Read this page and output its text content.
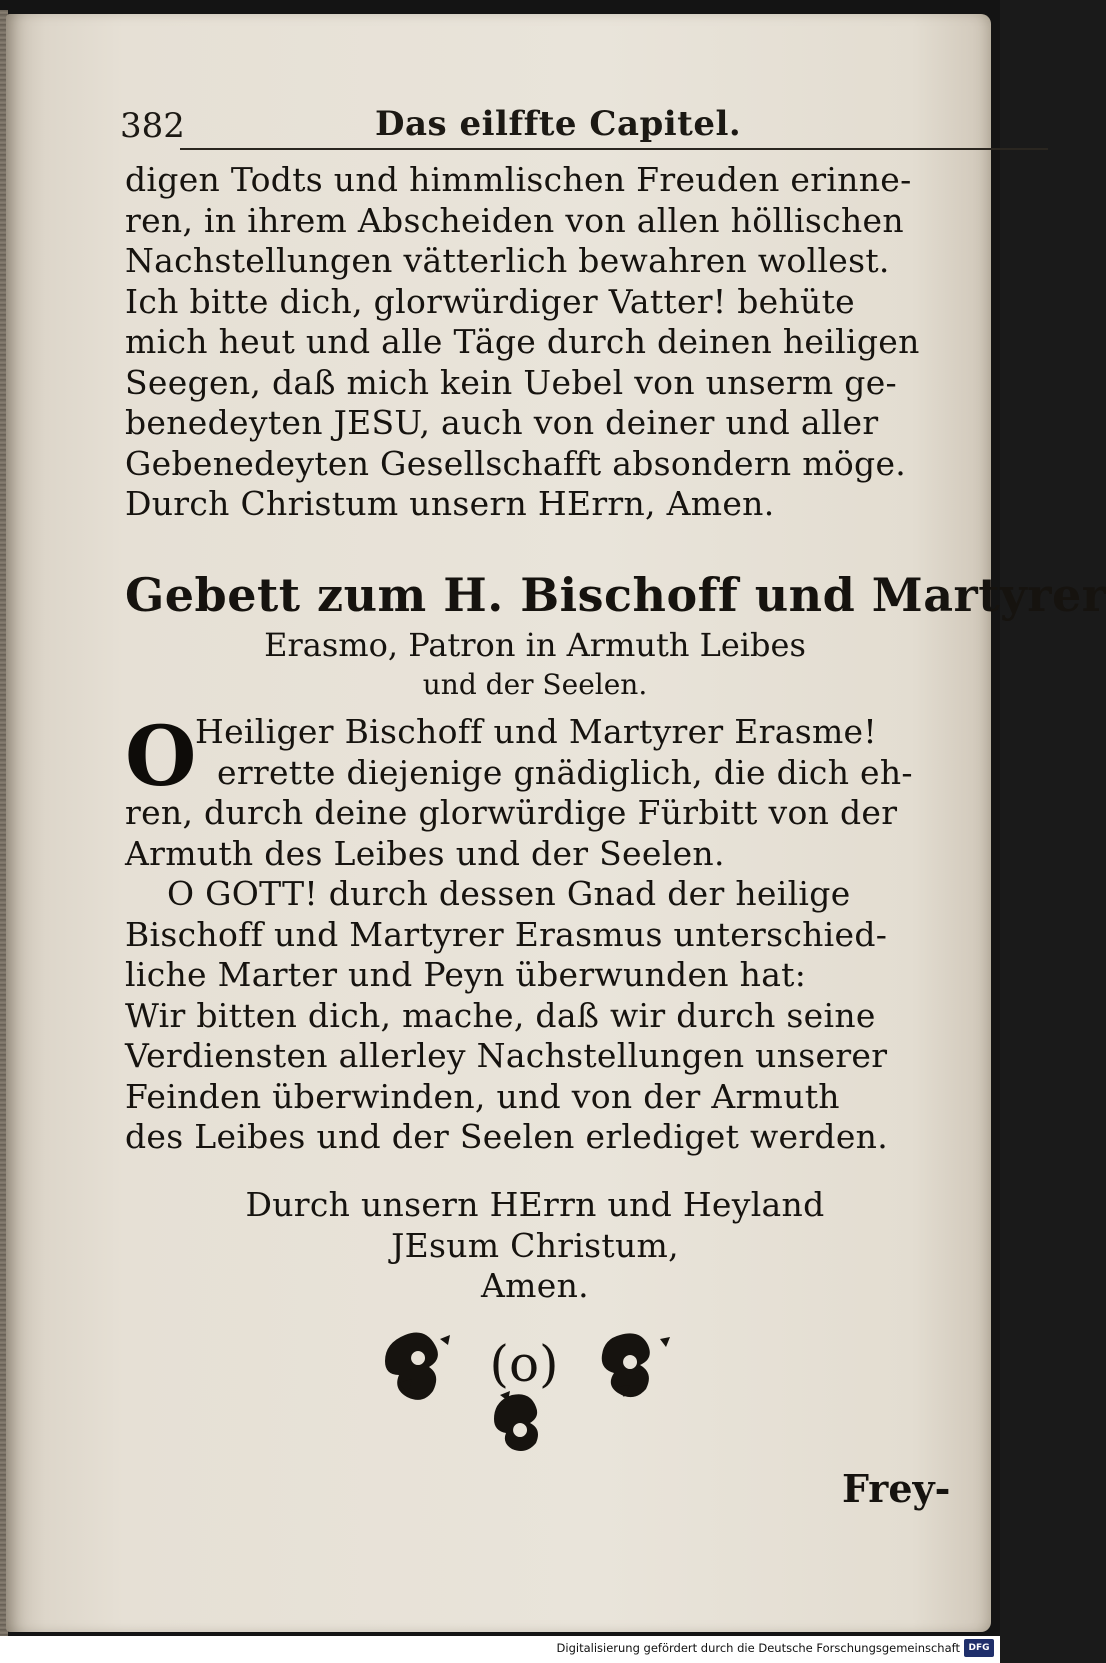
382	Das eilffte Capitel.
digen Todts und himmlischen Freuden erinne-
ren, in ihrem Abscheiden von allen höllischen
Nachstellungen vätterlich bewahren wollest.
Ich bitte dich, glorwürdiger Vatter! behüte
mich heut und alle Täge durch deinen heiligen
Seegen, daß mich kein Uebel von unserm ge-
benedeyten JESU, auch von deiner und aller
Gebenedeyten Gesellschafft absondern möge.
Durch Christum unsern HErrn, Amen.
Gebett zum H. Bischoff und Martyrer
Erasmo, Patron in Armuth Leibes
und der Seelen.
O
Heiliger Bischoff und Martyrer Erasme!
errette diejenige gnädiglich, die dich eh-
ren, durch deine glorwürdige Fürbitt von der
Armuth des Leibes und der Seelen.
O GOTT! durch dessen Gnad der heilige
Bischoff und Martyrer Erasmus unterschied-
liche Marter und Peyn überwunden hat:
Wir bitten dich, mache, daß wir durch seine
Verdiensten allerley Nachstellungen unserer
Feinden überwinden, und von der Armuth
des Leibes und der Seelen erlediget werden.
Durch unsern HErrn und Heyland
JEsum Christum,
Amen.
(o)
Frey-
Digitalisierung gefördert durch die Deutsche Forschungsgemeinschaft DFG
